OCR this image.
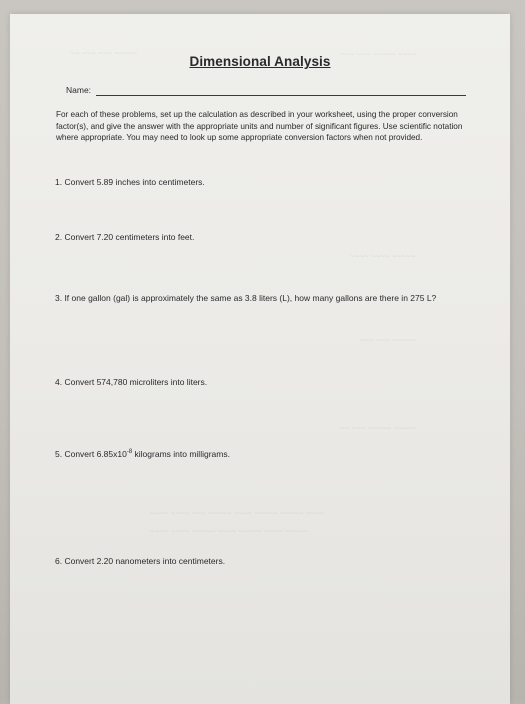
~~ ~~~ ~~~ ~~~~~	~~~ ~~~ ~~~~~ ~~~~
~~~~ ~~~~ ~~~~~
~~~ ~~~ ~~~~~
~~ ~~~ ~~~~~ ~~~~~
~~~~ ~~~~ ~~~ ~~~~~ ~~~~ ~~~~~ ~~~~~ ~~~~
~~~~ ~~~~ ~~~~~ ~~~~ ~~~~~ ~~~~ ~~~~~
Dimensional Analysis
Name:
For each of these problems, set up the calculation as described in your worksheet, using the proper conversion factor(s), and give the answer with the appropriate units and number of significant figures. Use scientific notation where appropriate. You may need to look up some appropriate conversion factors when not provided.
1. Convert 5.89 inches into centimeters.
2. Convert 7.20 centimeters into feet.
3. If one gallon (gal) is approximately the same as 3.8 liters (L), how many gallons are there in 275 L?
4. Convert 574,780 microliters into liters.
5. Convert $6.85x10^{-8}$ kilograms into milligrams.
6. Convert 2.20 nanometers into centimeters.
